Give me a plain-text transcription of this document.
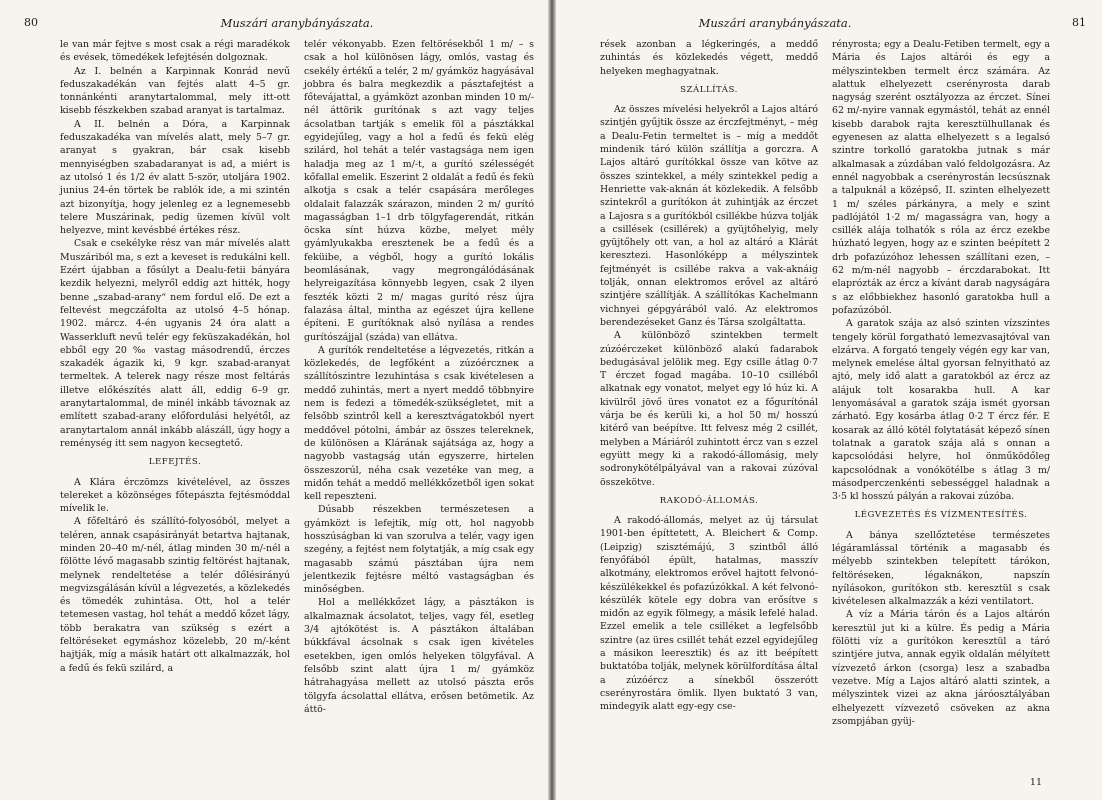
80	Muszári aranybányászata.

le van már fejtve s most csak a régi maradékok és evések, tömedékek lefejtésén dolgoznak.

Az I. belnén a Karpinnak Konrád nevű feduszakadékán van fejtés alatt 4–5 gr. tonnánkénti aranytartalommal, mely itt-ott kisebb fészkekben szabad aranyat is tartalmaz.

A II. belnén a Dóra, a Karpinnak feduszakadéka van mívelés alatt, mely 5–7 gr. aranyat s gyakran, bár csak kisebb mennyiségben szabadaranyat is ad, a miért is az utolsó 1 és 1/2 év alatt 5-ször, utoljára 1902. junius 24-én törtek be rablók ide, a mi szintén azt bizonyítja, hogy jelenleg ez a legnemesebb telere Muszárinak, pedig üzemen kívül volt helyezve, mint kevésbbé értékes rész.

Csak e csekélyke rész van már mívelés alatt Muszáriból ma, s ezt a keveset is redukálni kell. Ezért újabban a fősúlyt a Dealu-fetii bányára kezdik helyezni, melyről eddig azt hitték, hogy benne „szabad-arany“ nem fordul elő. De ezt a feltevést megczáfolta az utolsó 4–5 hónap. 1902. márcz. 4-én ugyanis 24 óra alatt a Wasserkluft nevű telér egy feküszakadékán, hol ebből egy 20 ‰ vastag másodrendű, érczes szakadék ágazik ki, 9 kgr. szabad-aranyat termeltek. A telerek nagy része most feltárás illetve előkészítés alatt áll, eddig 6–9 gr. aranytartalommal, de minél inkább távoznak az említett szabad-arany előfordulási helyétől, az aranytartalom annál inkább alászáll, úgy hogy a reménység itt sem nagyon kecsegtető.

LEFEJTÉS.

A Klára érczömzs kivételével, az összes telereket a közönséges főtepászta fejtésmóddal mívelik le.

A főfeltáró és szállító-folyosóból, melyet a teléren, annak csapásirányát betartva hajtanak, minden 20–40 m/-nél, átlag minden 30 m/-nél a fölötte lévő magasabb szintig feltörést hajtanak, melynek rendeltetése a telér dőlésirányú megvizsgálásán kívül a légvezetés, a közlekedés és tömedék zuhintása. Ott, hol a telér tetemesen vastag, hol tehát a meddő kőzet lágy, több berakatra van szükség s ezért a feltöréseket egymáshoz közelebb, 20 m/-ként hajtják, míg a másik határt ott alkalmazzák, hol a fedű és fekü szilárd, a

telér vékonyabb. Ezen feltörésekből 1 m/ – s csak a hol különösen lágy, omlós, vastag és csekély értékű a telér, 2 m/ gyámköz hagyásával jobbra és balra megkezdik a pásztafejtést a főtevájattal, a gyámközt azonban minden 10 m/-nél áttörik gurítónak s azt vagy teljes ácsolatban tartják s emelik föl a pásztákkal egyidejűleg, vagy a hol a fedű és fekü elég szilárd, hol tehát a telér vastagsága nem igen haladja meg az 1 m/-t, a gurító szélességét kőfallal emelik. Eszerint 2 oldalát a fedű és fekü alkotja s csak a telér csapására merőleges oldalait falazzák szárazon, minden 2 m/ gurító magasságban 1–1 drb tölgyfagerendát, ritkán öcska sínt húzva közbe, melyet mély gyámlyukakba eresztenek be a fedű és a feküibe, a végből, hogy a gurító lokális beomlásának, vagy megrongálódásának helyreigazítása könnyebb legyen, csak 2 ilyen feszték közti 2 m/ magas gurító rész újra falazása által, mintha az egészet újra kellene építeni. E gurítóknak alsó nyílása a rendes gurítószájjal (száda) van ellátva.

A gurítók rendeltetése a légvezetés, ritkán a közlekedés, de legfőként a zúzóérczneк a szállítószintre lezuhintása s csak kivételesen a meddő zuhintás, mert a nyert meddő többnyire nem is fedezi a tömedék-szükségletet, mit a felsőbb szintről kell a keresztvágatokból nyert meddővel pótolni, ámbár az összes telereknek, de különösen a Klárának sajátsága az, hogy a nagyobb vastagság után egyszerre, hirtelen összeszorúl, néha csak vezetéke van meg, a midőn tehát a meddő mellékkőzetből igen sokat kell repeszteni.

Dúsabb részekben természetesen a gyámközt is lefejtik, míg ott, hol nagyobb hosszúságban ki van szorulva a telér, vagy igen szegény, a fejtést nem folytatják, a míg csak egy magasabb számú pásztában újra nem jelentkezik fejtésre méltó vastagságban és minőségben.

Hol a mellékkőzet lágy, a pásztákon is alkalmaznak ácsolatot, teljes, vagy fél, esetleg 3/4 ajtókötést is. A pásztákon általában búkkfával ácsolnak s csak igen kivételes esetekben, igen omlós helyeken tölgyfával. A felsőbb szint alatt újra 1 m/ gyámköz hátrahagyása mellett az utolsó pászta erős tölgyfa ácsolattal ellátva, erősen betömetik. Az áttö-

Muszári aranybányászata.	81

rések azonban a légkeringés, a meddő zuhintás és közlekedés végett, meddő helyeken meghagyatnak.

SZÁLLÍTÁS.

Az összes mívelési helyekről a Lajos altáró szintjén gyűjtik össze az érczfejtményt, – még a Dealu-Fetin termeltet is – míg a meddőt mindenik táró külön szállítja a gorczra. A Lajos altáró gurítókkal össze van kötve az összes szintekkel, a mély szintekkel pedig a Henriette vak-aknán át közlekedik. A felsőbb szintekről a gurítókon át zuhintják az érczet a Lajosra s a gurítókból csillékbe húzva tolják a csillések (csillérek) a gyüjtőhelyig, mely gyüjtőhely ott van, a hol az altáró a Klárát keresztezi. Hasonlóképp a mélyszintek fejtményét is csillébe rakva a vak-aknáig tolják, onnan elektromos erővel az altáró szintjére szállítják. A szállítókas Kachelmann vichnyei gépgyárából való. Az elektromos berendezéseket Ganz és Társa szolgáltatta.

A különböző szintekben termelt zúzóérczeket különböző alakú fadarabok bedugásával jelölik meg. Egy csille átlag 0·7 T érczet fogad magába. 10–10 csilléből alkatnak egy vonatot, melyet egy ló húz ki. A kivülről jövő üres vonatot ez a főgurítónál várja be és kerüli ki, a hol 50 m/ hosszú kitérő van beépítve. Itt felvesz még 2 csillét, melyben a Máriáról zuhintott ércz van s ezzel együtt megy ki a rakodó-állomásig, mely sodronykötélpályával van a rakovai zúzóval összekötve.

RAKODÓ-ÁLLOMÁS.

A rakodó-állomás, melyet az új társulat 1901-ben építtetett, A. Bleichert & Comp. (Leipzig) szisztémájú, 3 szintből álló fenyőfából épült, hatalmas, masszív alkotmány, elektromos erővel hajtott felvonó-készülékekkel és pofazúzókkal. A két felvonó-készülék kötele egy dobra van erősítve s midőn az egyik fölmegy, a másik lefelé halad. Ezzel emelik a tele csilléket a legfelsőbb szintre (az üres csillét tehát ezzel egyidejűleg a másikon leeresztik) és az itt beépített buktatóba tolják, melynek körülfordítása által a zúzóércz a sínekből összerótt cserényrostára ömlik. Ilyen buktató 3 van, mindegyik alatt egy-egy cse-

rényrosta; egy a Dealu-Fetiben termelt, egy a Mária és Lajos altárói és egy a mélyszintekben termelt ércz számára. Az alattuk elhelyezett cserényrosta darab nagyság szerént osztályozza az érczet. Sínei 62 m/-nyire vannak egymástól, tehát az ennél kisebb darabok rajta keresztülhullanak és egyenesen az alatta elhelyezett s a legalsó szintre torkolló garatokba jutnak s már alkalmasak a zúzdában való feldolgozásra. Az ennél nagyobbak a cserényrostán lecsúsznak a talpuknál a középső, II. szinten elhelyezett 1 m/ széles párkányra, a mely e szint padlójától 1·2 m/ magasságra van, hogy a csillék alája tolhatók s róla az ércz ezekbe húzható legyen, hogy az e szinten beépített 2 drb pofazúzóhoz lehessen szállítani ezen, – 62 m/m-nél nagyobb – érczdarabokat. Itt elaprózták az ércz a kívánt darab nagyságára s az előbbiekhez hasonló garatokba hull a pofazúzóból.

A garatok szája az alsó szinten vízszintes tengely körül forgatható lemezvasajtóval van elzárva. A forgató tengely végén egy kar van, melynek emelése által gyorsan felnyitható az ajtó, mely idő alatt a garatokból az ércz az alájuk tolt kosarakba hull. A kar lenyomásával a garatok szája ismét gyorsan zárható. Egy kosárba átlag 0·2 T ércz fér. E kosarak az álló kötél folytatását képező sínen tolatnak a garatok szája alá s onnan a kapcsolódási helyre, hol önműködőleg kapcsolódnak a vonókötélbe s átlag 3 m/ másodperczenkénti sebességgel haladnak a 3·5 kl hosszú pályán a rakovai zúzóba.

LÉGVEZETÉS ÉS VÍZMENTESÍTÉS.

A bánya szellőztetése természetes légáramlással történik a magasabb és mélyebb szintekben telepített tárókon, feltöréseken, légaknákon, napszín nyílásokon, gurítókon stb. keresztül s csak kivételesen alkalmazzák a kézi ventilatort.

A víz a Mária tárón és a Lajos altárón keresztül jut ki a külre. És pedig a Mária fölötti víz a gurítókon keresztül a táró szintjére jutva, annak egyik oldalán mélyített vízvezető árkon (csorga) lesz a szabadba vezetve. Míg a Lajos altáró alatti szintek, a mélyszintek vizei az akna járóosztályában elhelyezett vízvezető csöveken az akna zsompjában gyüj-

11
